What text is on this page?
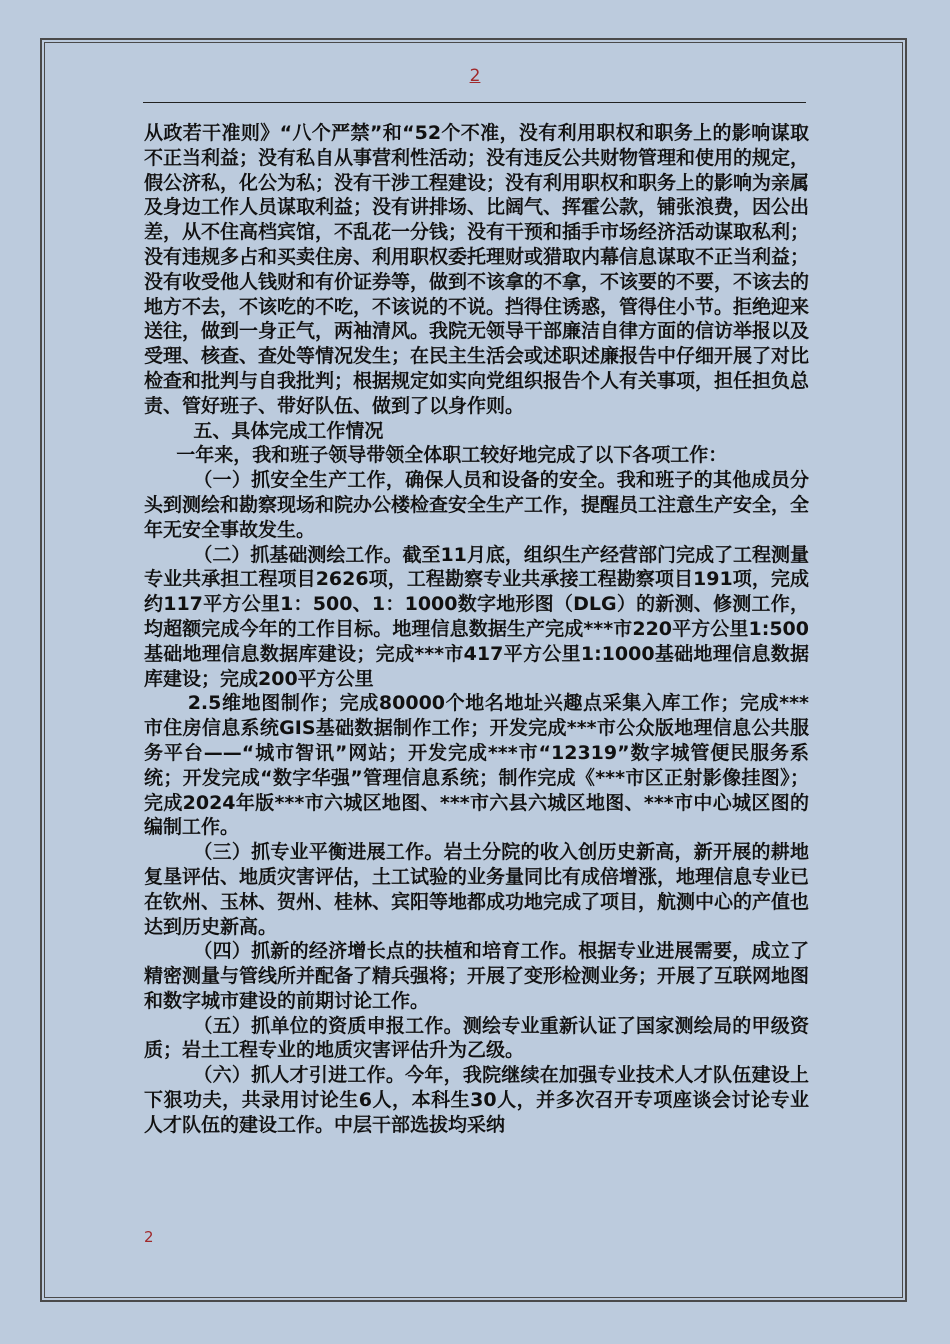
2

从政若干准则》“八个严禁”和“52个不准，没有利用职权和职务上的影响谋取不正当利益；没有私自从事营利性活动；没有违反公共财物管理和使用的规定，假公济私，化公为私；没有干涉工程建设；没有利用职权和职务上的影响为亲属及身边工作人员谋取利益；没有讲排场、比阔气、挥霍公款，铺张浪费，因公出差，从不住高档宾馆，不乱花一分钱；没有干预和插手市场经济活动谋取私利；没有违规多占和买卖住房、利用职权委托理财或猎取内幕信息谋取不正当利益；没有收受他人钱财和有价证券等，做到不该拿的不拿，不该要的不要，不该去的地方不去，不该吃的不吃，不该说的不说。挡得住诱惑，管得住小节。拒绝迎来送往，做到一身正气，两袖清风。我院无领导干部廉洁自律方面的信访举报以及受理、核查、查处等情况发生；在民主生活会或述职述廉报告中仔细开展了对比检查和批判与自我批判；根据规定如实向党组织报告个人有关事项，担任担负总责、管好班子、带好队伍、做到了以身作则。

五、具体完成工作情况

一年来，我和班子领导带领全体职工较好地完成了以下各项工作：

（一）抓安全生产工作，确保人员和设备的安全。我和班子的其他成员分头到测绘和勘察现场和院办公楼检查安全生产工作，提醒员工注意生产安全，全年无安全事故发生。

（二）抓基础测绘工作。截至11月底，组织生产经营部门完成了工程测量专业共承担工程项目2626项，工程勘察专业共承接工程勘察项目191项，完成约117平方公里1：500、1：1000数字地形图（DLG）的新测、修测工作，均超额完成今年的工作目标。地理信息数据生产完成***市220平方公里1:500基础地理信息数据库建设；完成***市417平方公里1:1000基础地理信息数据库建设；完成200平方公里

2.5维地图制作；完成80000个地名地址兴趣点采集入库工作；完成***市住房信息系统GIS基础数据制作工作；开发完成***市公众版地理信息公共服务平台——“城市智讯”网站；开发完成***市“12319”数字城管便民服务系统；开发完成“数字华强”管理信息系统；制作完成《***市区正射影像挂图》；完成2024年版***市六城区地图、***市六县六城区地图、***市中心城区图的编制工作。

（三）抓专业平衡进展工作。岩土分院的收入创历史新高，新开展的耕地复垦评估、地质灾害评估，土工试验的业务量同比有成倍增涨，地理信息专业已在钦州、玉林、贺州、桂林、宾阳等地都成功地完成了项目，航测中心的产值也达到历史新高。

（四）抓新的经济增长点的扶植和培育工作。根据专业进展需要，成立了精密测量与管线所并配备了精兵强将；开展了变形检测业务；开展了互联网地图和数字城市建设的前期讨论工作。

（五）抓单位的资质申报工作。测绘专业重新认证了国家测绘局的甲级资质；岩土工程专业的地质灾害评估升为乙级。

（六）抓人才引进工作。今年，我院继续在加强专业技术人才队伍建设上下狠功夫，共录用讨论生6人，本科生30人，并多次召开专项座谈会讨论专业人才队伍的建设工作。中层干部选拔均采纳

2
